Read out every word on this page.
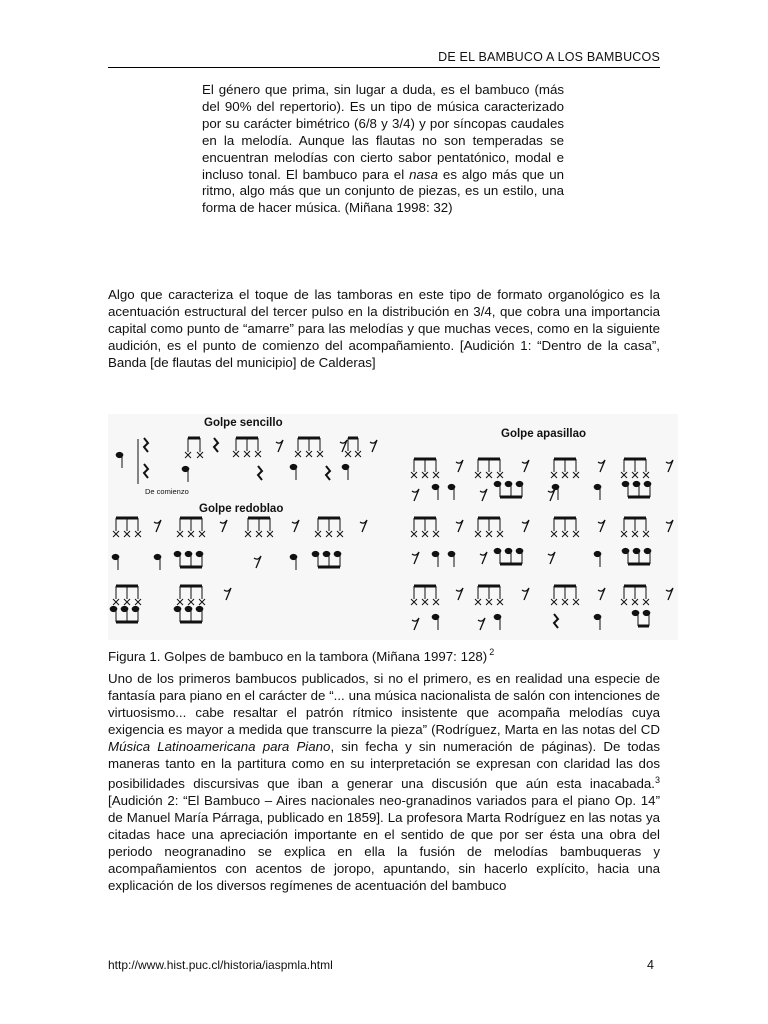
DE EL BAMBUCO A LOS BAMBUCOS
El género que prima, sin lugar a duda, es el bambuco (más del 90% del repertorio). Es un tipo de música caracterizado por su carácter bimétrico (6/8 y 3/4) y por síncopas caudales en la melodía. Aunque las flautas no son temperadas se encuentran melodías con cierto sabor pentatónico, modal e incluso tonal. El bambuco para el nasa es algo más que un ritmo, algo más que un conjunto de piezas, es un estilo, una forma de hacer música. (Miñana 1998: 32)
Algo que caracteriza el toque de las tamboras en este tipo de formato organológico es la acentuación estructural del tercer pulso en la distribución en 3/4, que cobra una importancia capital como punto de “amarre” para las melodías y que muchas veces, como en la siguiente audición, es el punto de comienzo del acompañamiento. [Audición 1: “Dentro de la casa”, Banda [de flautas del municipio] de Calderas]
Golpe sencillo
Golpe apasillao
Golpe redoblao
De comienzo
Figura 1. Golpes de bambuco en la tambora (Miñana 1997: 128) $^2$
Uno de los primeros bambucos publicados, si no el primero, es en realidad una especie de fantasía para piano en el carácter de “... una música nacionalista de salón con intenciones de virtuosismo... cabe resaltar el patrón rítmico insistente que acompaña melodías cuya exigencia es mayor a medida que transcurre la pieza” (Rodríguez, Marta en las notas del CD Música Latinoamericana para Piano, sin fecha y sin numeración de páginas). De todas maneras tanto en la partitura como en su interpretación se expresan con claridad las dos posibilidades discursivas que iban a generar una discusión que aún esta inacabada.$^3$ [Audición 2: “El Bambuco – Aires nacionales neo-granadinos variados para el piano Op. 14” de Manuel María Párraga, publicado en 1859]. La profesora Marta Rodríguez en las notas ya citadas hace una apreciación importante en el sentido de que por ser ésta una obra del periodo neogranadino se explica en ella la fusión de melodías bambuqueras y acompañamientos con acentos de joropo, apuntando, sin hacerlo explícito, hacia una explicación de los diversos regímenes de acentuación del bambuco
http://www.hist.puc.cl/historia/iaspmla.html	4
